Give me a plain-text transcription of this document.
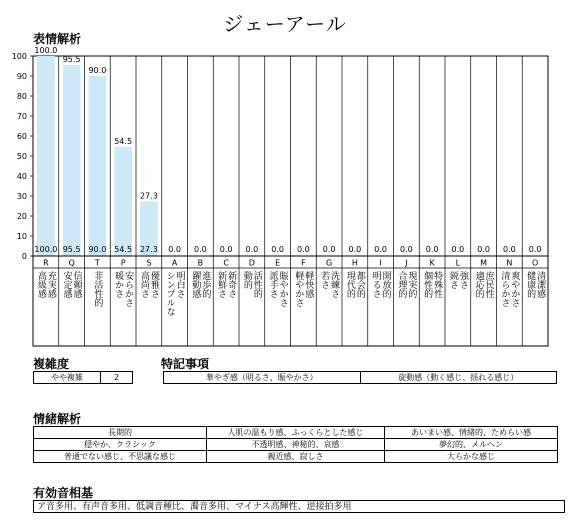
ジェーアール
表情解析
0
10
20
30
40
50
60
70
80
90
100
100.0
100.0
95.5
95.5
90.0
90.0
54.5
54.5
27.3
27.3 0.0 0.0 0.0 0.0 0.0 0.0 0.0 0.0 0.0 0.0 0.0 0.0 0.0 0.0 0.0
R Q	T	P	S	A	B	C D	E	F	G H	I	J	K	L	M N O
充実感
高級感	信頼感
安定感 非活性的 安らかさ
暖かさ	優雅さ
高尚さ	明白さ
シンプルな	進歩的
躍動感	新奇さ
新鮮さ	活性的
動的	賑やかさ
派手さ	軽快感
軽やかさ	洗練さ
若さ	都会的
現代的	開放的
明るさ	現実的
合理的	特殊性
個性的	強さ
鋭さ	庶民性
適応的	爽やかさ
清らかさ	清潔感
健康的
複雑度	特記事項
やや複雑	2	華やぎ感（明るさ、賑やかさ）	旋動感（動く感じ、揺れる感じ）
情緒解析
長期的	人肌の温もり感、ふっくらとした感じ	あいまい感、情緒的、ためらい感
穏やか、クラシック	不透明感、神秘的、哀感	夢幻的、メルヘン
普通でない感じ、不思議な感じ	親近感、寂しさ	大らかな感じ
有効音相基
ア音多用、有声音多用、低調音種比、濁音多用、マイナス高輝性、逆接拍多用
